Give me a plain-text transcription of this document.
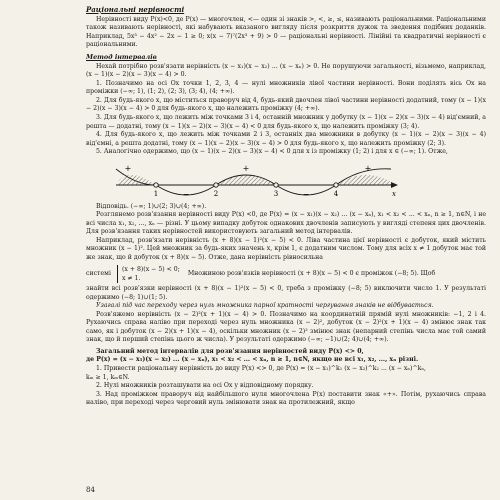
Раціональні нерівності

Нерівності виду P(x)<0, де P(x) — многочлен, <— один зі знаків >, <, ≥, ≤, називають раціональними. Раціональними також називають нерівності, які набувають вказаного вигляду після розкриття дужок та зведення подібних доданків. Наприклад, 5x³ − 4x² − 2x − 1 ≥ 0; x(x − 7)⁷(2x³ + 9) > 0 — раціональні нерівності. Лінійні та квадратичні нерівності є раціональними.

Метод інтервалів

Нехай потрібно розв'язати нерівність (x − x₁)(x − x₂) ... (x − xₙ) > 0. Не порушуючи загальності, візьмемо, наприклад, (x − 1)(x − 2)(x − 3)(x − 4) > 0.

1. Позначимо на осі Ox точки 1, 2, 3, 4 — нулі множників лівої частини нерівності. Вони поділять вісь Ox на проміжки (−∞; 1), (1; 2), (2; 3), (3; 4), (4; +∞).

2. Для будь-якого x, що міститься праворуч від 4, будь-який двочлен лівої частини нерівності додатний, тому (x − 1)(x − 2)(x − 3)(x − 4) > 0 для будь-якого x, що належить проміжку (4; +∞).

3. Для будь-якого x, що лежить між точками 3 і 4, останній множник у добутку (x − 1)(x − 2)(x − 3)(x − 4) від'ємний, а решта — додатні, тому (x − 1)(x − 2)(x − 3)(x − 4) < 0 для будь-якого x, що належить проміжку (3; 4).

4. Для будь-якого x, що лежить між точками 2 і 3, останніх два множники в добутку (x − 1)(x − 2)(x − 3)(x − 4) від'ємні, а решта додатні, тому (x − 1)(x − 2)(x − 3)(x − 4) > 0 для будь-якого x, що належить проміжку (2; 3).

5. Аналогічно одержимо, що (x − 1)(x − 2)(x − 3)(x − 4) < 0 для x із проміжку (1; 2) і для x ∈ (−∞; 1). Отже,

1	2	3	4
+
−
+
−
+
x

Відповідь. (−∞; 1)∪(2; 3)∪(4; +∞).

Розглянемо розв'язання нерівності виду P(x) <0, де P(x) = (x − x₁)(x − x₂) ... (x − xₙ), x₁ < x₂ < ... < xₙ, n ≥ 1, n∈N, і не всі числа x₁, x₂, ..., xₙ — різні. У цьому випадку добуток однакових двочленів записують у вигляді степеня цих двочленів. Для розв'язання таких нерівностей використовують загальний метод інтервалів.

Наприклад, розв'язати нерівність (x + 8)(x − 1)²(x − 5) < 0. Ліва частина цієї нерівності є добуток, який містить множник (x − 1)². Цей множник за будь-яких значень x, крім 1, є додатним числом. Тому для всіх x ≠ 1 добуток має той же знак, що й добуток (x + 8)(x − 5). Отже, дана нерівність рівносильна

системі
(x + 8)(x − 5) < 0;
x ≠ 1.
Множиною розв'язків нерівності (x + 8)(x − 5) < 0 є проміжок (−8; 5). Щоб

знайти всі розв'язки нерівності (x + 8)(x − 1)²(x − 5) < 0, треба з проміжку (−8; 5) виключити число 1. У результаті одержимо (−8; 1)∪(1; 5).

Узагалі під час переходу через нуль множника парної кратності чергування знаків не відбувається.

Розв'яжемо нерівність (x − 2)²(x + 1)(x − 4) > 0. Позначимо на координатній прямій нулі множників: −1, 2 і 4. Рухаючись справа наліво при переході через нуль множника (x − 2)², добуток (x − 2)²(x + 1)(x − 4) змінює знак так само, як і добуток (x − 2)(x + 1)(x − 4), оскільки множник (x − 2)² змінює знак (непарний степінь числа має той самий знак, що й перший степінь цього ж числа). У результаті одержимо (−∞; −1)∪(2; 4)∪(4; +∞).

Загальний метод інтервалів для розв'язання нерівностей виду P(x) <> 0,

де P(x) = (x − x₁)(x − x₂) ... (x − xₙ), x₁ < x₂ < ... < xₙ, n ≥ 1, n∈N, якщо не всі x₁, x₂, ..., xₙ різні.

1. Привести раціональну нерівність до виду P(x) <> 0, де P(x) = (x − x₁)^k₁ (x − x₂)^k₂ ... (x − xₙ)^kₙ,

kₘ ≥ 1, kₘ∈N.

2. Нулі множників розташувати на осі Ox у відповідному порядку.

3. Над проміжком праворуч від найбільшого нуля многочлена P(x) поставити знак «+». Потім, рухаючись справа наліво, при переході через черговий нуль змінювати знак на протилежний, якщо

84
